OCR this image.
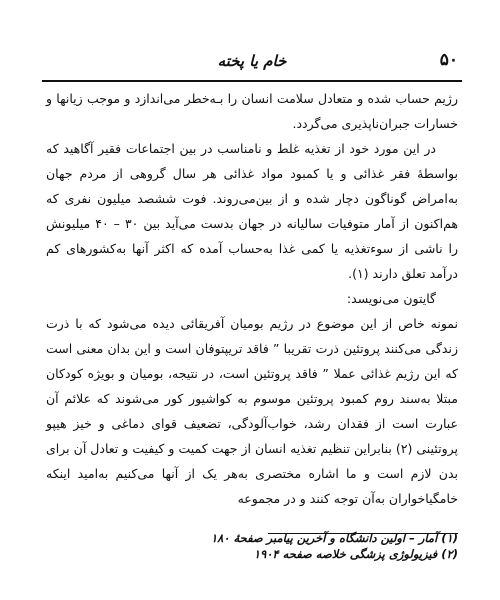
۵۰
خام یا پخته

رژیم حساب شده و متعادل سلامت انسان را بـه‌خطر می‌اندازد و موجب زیانها و خسارات جبران‌ناپذیری می‌گردد.

در این مورد خود از تغذیه غلط و نامناسب در بین اجتماعات فقیر آگاهید که بواسطهٔ فقر غذائی و یا کمبود مواد غذائی هر سال گروهی از مردم جهان به‌امراض گوناگون دچار شده و از بین‌می‌روند. فوت ششصد میلیون نفری که هم‌اکنون از آمار متوفیات سالیانه در جهان بدست می‌آید بین ۳۰ – ۴۰ میلیونش را ناشی از سوءتغذیه یا کمی غذا به‌حساب آمده که اکثر آنها به‌کشورهای کم درآمد تعلق دارند (۱).

گایتون می‌نویسد:

نمونه خاص از این موضوع در رژیم بومیان آفریقائی دیده می‌شود که با ذرت زندگی می‌کنند پروتئین ذرت تقریبا ” فاقد تریپتوفان است و این بدان معنی است که این رژیم غذائی عملا ” فاقد پروتئین است، در نتیجه، بومیان و بویژه کودکان مبتلا به‌سند روم کمبود پروتئین موسوم به کواشیور کور می‌شوند که علائم آن عبارت است از فقدان رشد، خواب‌آلودگی، تضعیف قوای دماغی و خیز هیپو پروتئینی (۲) بنابراین تنظیم تغذیه انسان از جهت کمیت و کیفیت و تعادل آن برای بدن لازم است و ما اشاره مختصری به‌هر یک از آنها می‌کنیم به‌امید اینکه خامگیاخواران به‌آن توجه کنند و در مجموعه

(۱) آمار – اولین دانشگاه و آخرین پیامبر صفحهٔ ۱۸۰
(۲) فیزیولوژی پزشگی خلاصه صفحه ۱۹۰۴
